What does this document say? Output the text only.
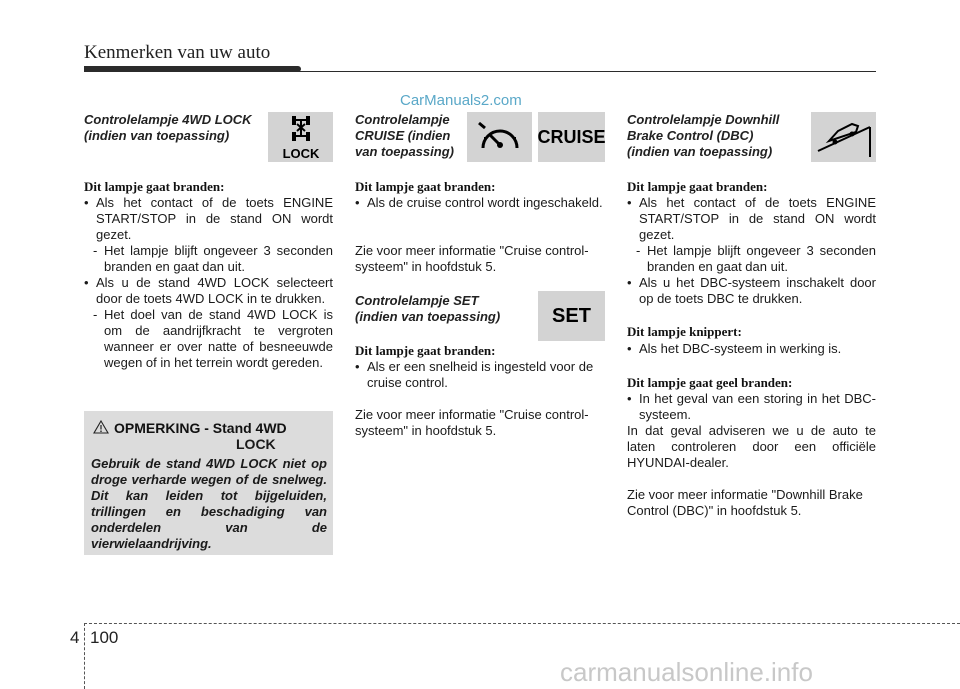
Kenmerken van uw auto
CarManuals2.com
Controlelampje 4WD LOCK
(indien van toepassing)
LOCK
Dit lampje gaat branden:
• Als het contact of de toets ENGINE START/STOP in de stand ON wordt gezet.
- Het lampje blijft ongeveer 3 seconden branden en gaat dan uit.
• Als u de stand 4WD LOCK selecteert door de toets 4WD LOCK in te drukken.
- Het doel van de stand 4WD LOCK is om de aandrijfkracht te vergroten wanneer er over natte of besneeuwde wegen of in het terrein wordt gereden.
OPMERKING - Stand 4WD
LOCK
Gebruik de stand 4WD LOCK niet op droge verharde wegen of de snelweg. Dit kan leiden tot bijgeluiden, trillingen en beschadiging van onderdelen van de vierwielaandrijving.
Controlelampje
CRUISE (indien
van toepassing)
CRUISE
Dit lampje gaat branden:
• Als de cruise control wordt ingeschakeld.
Zie voor meer informatie "Cruise control-systeem" in hoofdstuk 5.
Controlelampje SET
(indien van toepassing)	SET
Dit lampje gaat branden:
• Als er een snelheid is ingesteld voor de cruise control.
Zie voor meer informatie "Cruise control-systeem" in hoofdstuk 5.
Controlelampje Downhill
Brake Control (DBC)
(indien van toepassing)
Dit lampje gaat branden:
• Als het contact of de toets ENGINE START/STOP in de stand ON wordt gezet.
- Het lampje blijft ongeveer 3 seconden branden en gaat dan uit.
• Als u het DBC-systeem inschakelt door op de toets DBC te drukken.
Dit lampje knippert:
• Als het DBC-systeem in werking is.
Dit lampje gaat geel branden:
• In het geval van een storing in het DBC-systeem.
In dat geval adviseren we u de auto te laten controleren door een officiële HYUNDAI-dealer.
Zie voor meer informatie "Downhill Brake Control (DBC)" in hoofdstuk 5.
4 100
carmanualsonline.info
